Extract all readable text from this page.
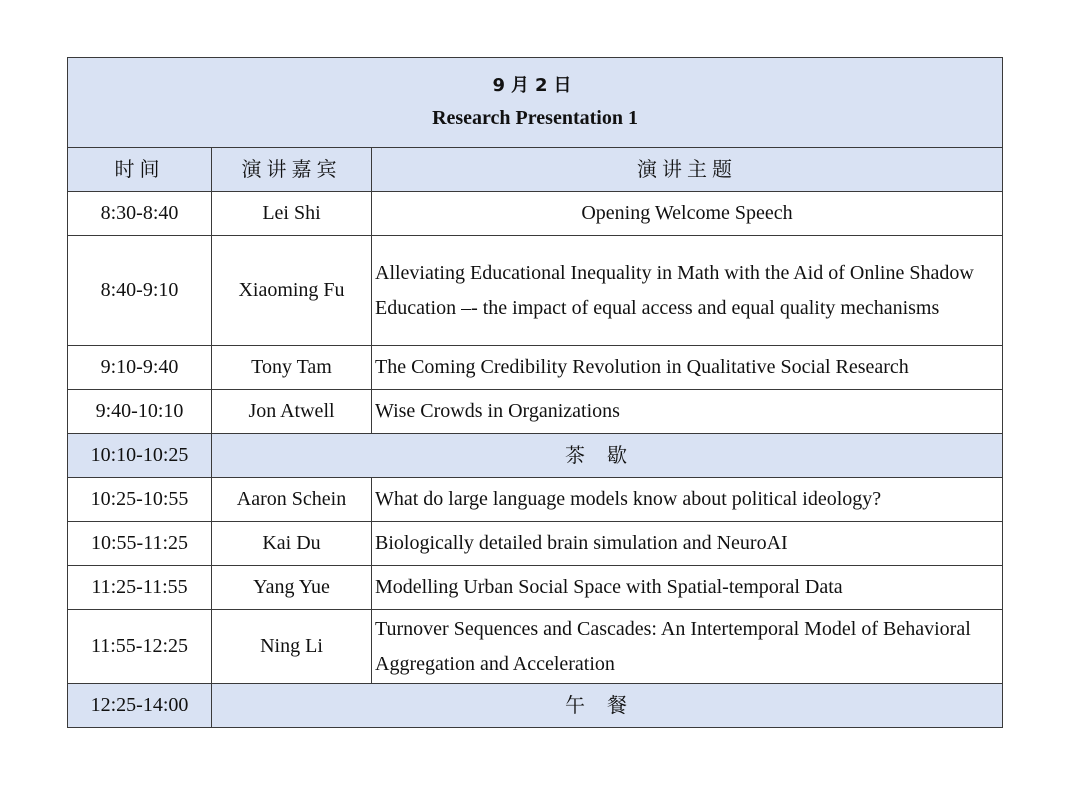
9月2日
Research Presentation 1		

时间	演讲嘉宾	演讲主题
8:30-8:40	Lei Shi	Opening Welcome Speech
8:40-9:10	Xiaoming Fu	Alleviating Educational Inequality in Math with the Aid of Online Shadow Education –- the impact of equal access and equal quality mechanisms
9:10-9:40	Tony Tam	The Coming Credibility Revolution in Qualitative Social Research
9:40-10:10	Jon Atwell	Wise Crowds in Organizations
10:10-10:25	茶歇	
10:25-10:55	Aaron Schein	What do large language models know about political ideology?
10:55-11:25	Kai Du	Biologically detailed brain simulation and NeuroAI
11:25-11:55	Yang Yue	Modelling Urban Social Space with Spatial-temporal Data
11:55-12:25	Ning Li	Turnover Sequences and Cascades: An Intertemporal Model of Behavioral Aggregation and Acceleration
12:25-14:00	午餐	
